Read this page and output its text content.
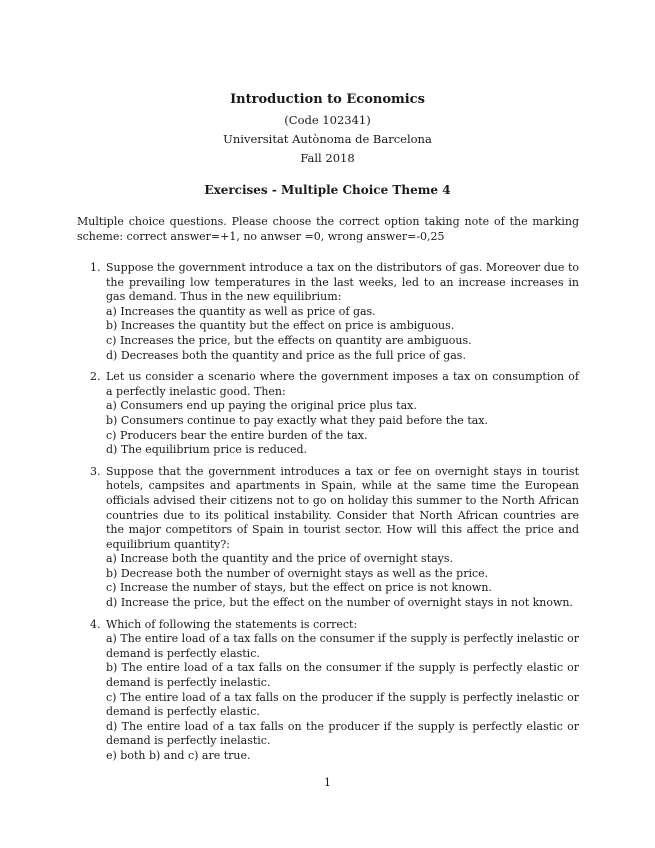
Introduction to Economics
(Code 102341)
Universitat Autònoma de Barcelona
Fall 2018
Exercises - Multiple Choice Theme 4
Multiple choice questions. Please choose the correct option taking note of the marking scheme: correct answer=+1, no anwser =0, wrong answer=-0,25
1. Suppose the government introduce a tax on the distributors of gas. Moreover due to the prevailing low temperatures in the last weeks, led to an increase increases in gas demand. Thus in the new equilibrium:
a) Increases the quantity as well as price of gas.
b) Increases the quantity but the effect on price is ambiguous.
c) Increases the price, but the effects on quantity are ambiguous.
d) Decreases both the quantity and price as the full price of gas.
2. Let us consider a scenario where the government imposes a tax on consumption of a perfectly inelastic good. Then:
a) Consumers end up paying the original price plus tax.
b) Consumers continue to pay exactly what they paid before the tax.
c) Producers bear the entire burden of the tax.
d) The equilibrium price is reduced.
3. Suppose that the government introduces a tax or fee on overnight stays in tourist hotels, campsites and apartments in Spain, while at the same time the European officials advised their citizens not to go on holiday this summer to the North African countries due to its political instability. Consider that North African countries are the major competitors of Spain in tourist sector. How will this affect the price and equilibrium quantity?:
a) Increase both the quantity and the price of overnight stays.
b) Decrease both the number of overnight stays as well as the price.
c) Increase the number of stays, but the effect on price is not known.
d) Increase the price, but the effect on the number of overnight stays in not known.
4. Which of following the statements is correct:
a) The entire load of a tax falls on the consumer if the supply is perfectly inelastic or demand is perfectly elastic.
b) The entire load of a tax falls on the consumer if the supply is perfectly elastic or demand is perfectly inelastic.
c) The entire load of a tax falls on the producer if the supply is perfectly inelastic or demand is perfectly elastic.
d) The entire load of a tax falls on the producer if the supply is perfectly elastic or demand is perfectly inelastic.
e) both b) and c) are true.
1
